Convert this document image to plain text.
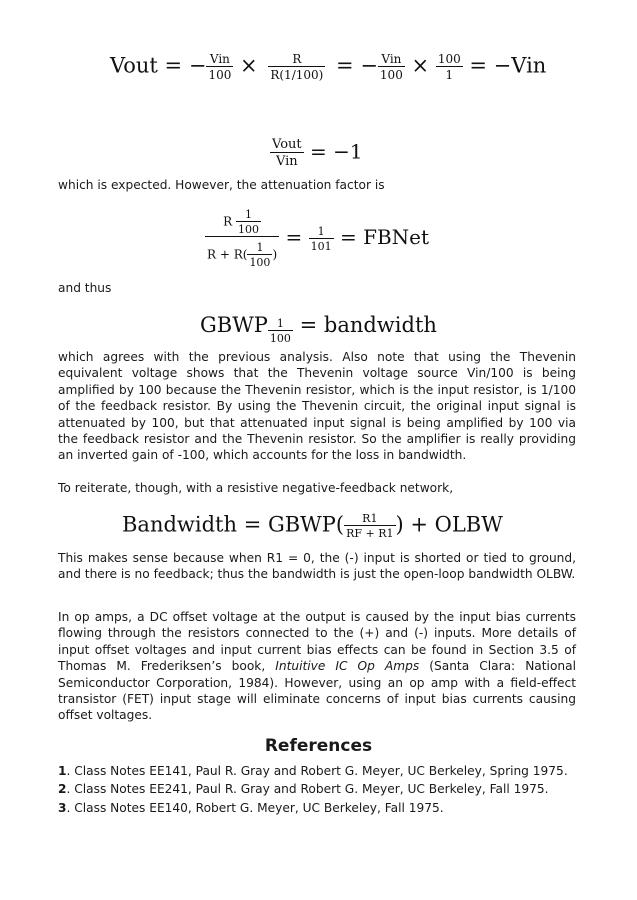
Vout = − $\frac{\text{Vin}}{100} \times \frac{R}{R(1/100)}$ = − $\frac{\text{Vin}}{100} \times \frac{100}{1} = -Vin$
$\frac{\text{Vout}}{\text{Vin}} = -1$
which is expected. However, the attenuation factor is
$\frac{R \frac{1}{100}}{R + R( \frac{1}{100} )} = \frac{1}{101}$ = FBNet
and thus
GBWP $\frac{1}{100}$ = bandwidth
which agrees with the previous analysis. Also note that using the Thevenin equivalent voltage shows that the Thevenin voltage source Vin/100 is being amplified by 100 because the Thevenin resistor, which is the input resistor, is 1/100 of the feedback resistor. By using the Thevenin circuit, the original input signal is attenuated by 100, but that attenuated input signal is being amplified by 100 via the feedback resistor and the Thevenin resistor. So the amplifier is really providing an inverted gain of -100, which accounts for the loss in bandwidth.
To reiterate, though, with a resistive negative-feedback network,
Bandwidth = GBWP( $\frac{R1}{RF + R1}$ ) + OLBW
This makes sense because when R1 = 0, the (-) input is shorted or tied to ground, and there is no feedback; thus the bandwidth is just the open-loop bandwidth OLBW.
In op amps, a DC offset voltage at the output is caused by the input bias currents flowing through the resistors connected to the (+) and (-) inputs. More details of input offset voltages and input current bias effects can be found in Section 3.5 of Thomas M. Frederiksen’s book, Intuitive IC Op Amps (Santa Clara: National Semiconductor Corporation, 1984). However, using an op amp with a field-effect transistor (FET) input stage will eliminate concerns of input bias currents causing offset voltages.
References
1. Class Notes EE141, Paul R. Gray and Robert G. Meyer, UC Berkeley, Spring 1975.
2. Class Notes EE241, Paul R. Gray and Robert G. Meyer, UC Berkeley, Fall 1975.
3. Class Notes EE140, Robert G. Meyer, UC Berkeley, Fall 1975.
